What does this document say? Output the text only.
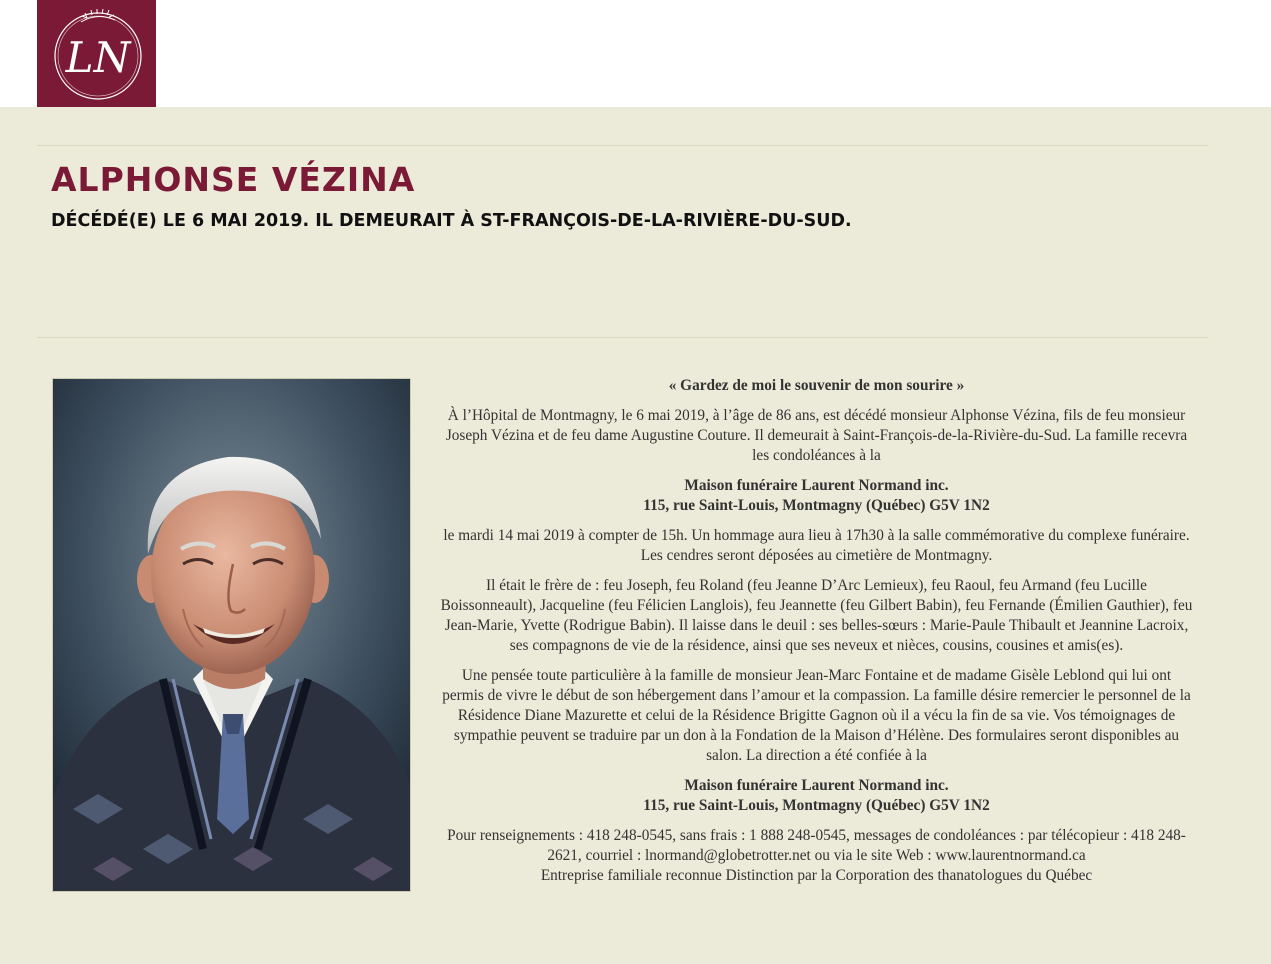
LN
ALPHONSE VÉZINA
DÉCÉDÉ(E) LE 6 MAI 2019. IL DEMEURAIT À ST-FRANÇOIS-DE-LA-RIVIÈRE-DU-SUD.

« Gardez de moi le souvenir de mon sourire »

À l’Hôpital de Montmagny, le 6 mai 2019, à l’âge de 86 ans, est décédé monsieur Alphonse Vézina, fils de feu monsieur Joseph Vézina et de feu dame Augustine Couture. Il demeurait à Saint-François-de-la-Rivière-du-Sud. La famille recevra les condoléances à la

Maison funéraire Laurent Normand inc.

115, rue Saint-Louis, Montmagny (Québec) G5V 1N2

le mardi 14 mai 2019 à compter de 15h. Un hommage aura lieu à 17h30 à la salle commémorative du complexe funéraire. Les cendres seront déposées au cimetière de Montmagny.

Il était le frère de : feu Joseph, feu Roland (feu Jeanne D’Arc Lemieux), feu Raoul, feu Armand (feu Lucille Boissonneault), Jacqueline (feu Félicien Langlois), feu Jeannette (feu Gilbert Babin), feu Fernande (Émilien Gauthier), feu Jean-Marie, Yvette (Rodrigue Babin). Il laisse dans le deuil : ses belles-sœurs : Marie-Paule Thibault et Jeannine Lacroix, ses compagnons de vie de la résidence, ainsi que ses neveux et nièces, cousins, cousines et amis(es).

Une pensée toute particulière à la famille de monsieur Jean-Marc Fontaine et de madame Gisèle Leblond qui lui ont permis de vivre le début de son hébergement dans l’amour et la compassion. La famille désire remercier le personnel de la Résidence Diane Mazurette et celui de la Résidence Brigitte Gagnon où il a vécu la fin de sa vie. Vos témoignages de sympathie peuvent se traduire par un don à la Fondation de la Maison d’Hélène. Des formulaires seront disponibles au salon. La direction a été confiée à la

Maison funéraire Laurent Normand inc.

115, rue Saint-Louis, Montmagny (Québec) G5V 1N2

Pour renseignements : 418 248-0545, sans frais : 1 888 248-0545, messages de condoléances : par télécopieur : 418 248-2621, courriel : lnormand@globetrotter.net ou via le site Web : www.laurentnormand.ca

Entreprise familiale reconnue Distinction par la Corporation des thanatologues du Québec
